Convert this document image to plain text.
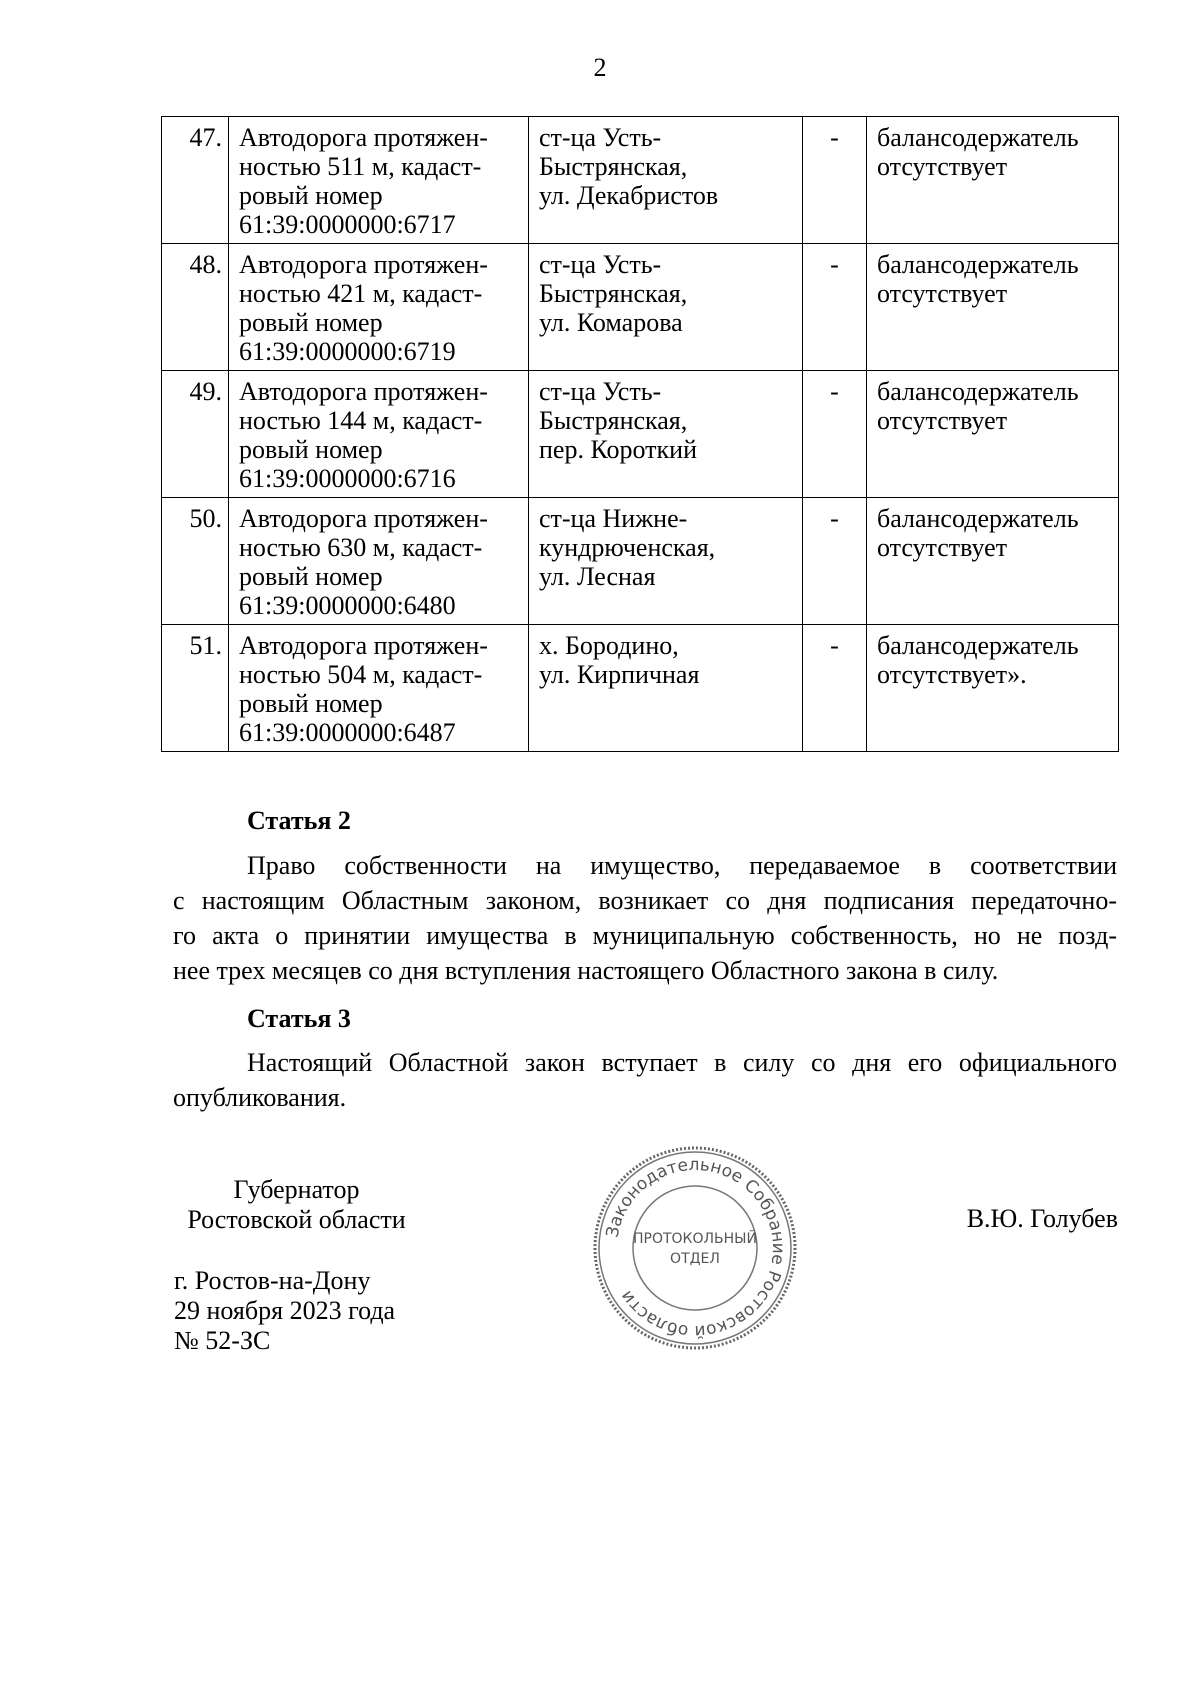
2
47.	Автодорога протяжен-
ностью 511 м, кадаст-
ровый номер
61:39:0000000:6717	ст-ца Усть-
Быстрянская,
ул. Декабристов	-	балансодержатель
отсутствует

48.	Автодорога протяжен-
ностью 421 м, кадаст-
ровый номер
61:39:0000000:6719	ст-ца Усть-
Быстрянская,
ул. Комарова	-	балансодержатель
отсутствует

49.	Автодорога протяжен-
ностью 144 м, кадаст-
ровый номер
61:39:0000000:6716	ст-ца Усть-
Быстрянская,
пер. Короткий	-	балансодержатель
отсутствует

50.	Автодорога протяжен-
ностью 630 м, кадаст-
ровый номер
61:39:0000000:6480	ст-ца Нижне-
кундрюченская,
ул. Лесная	-	балансодержатель
отсутствует

51.	Автодорога протяжен-
ностью 504 м, кадаст-
ровый номер
61:39:0000000:6487	х. Бородино,
ул. Кирпичная	-	балансодержатель
отсутствует».
Статья 2

Право собственности на имущество, передаваемое в соответствии
с настоящим Областным законом, возникает со дня подписания передаточно-
го акта о принятии имущества в муниципальную собственность, но не позд-
нее трех месяцев со дня вступления настоящего Областного закона в силу.

Статья 3

Настоящий Областной закон вступает в силу со дня его официального
опубликования.

Губернатор
Ростовской области	В.Ю. Голубев
г. Ростов-на-Дону
29 ноября 2023 года
№ 52-ЗС
Законодательное Собрание Ростовской области
ПРОТОКОЛЬНЫЙ
ОТДЕЛ
